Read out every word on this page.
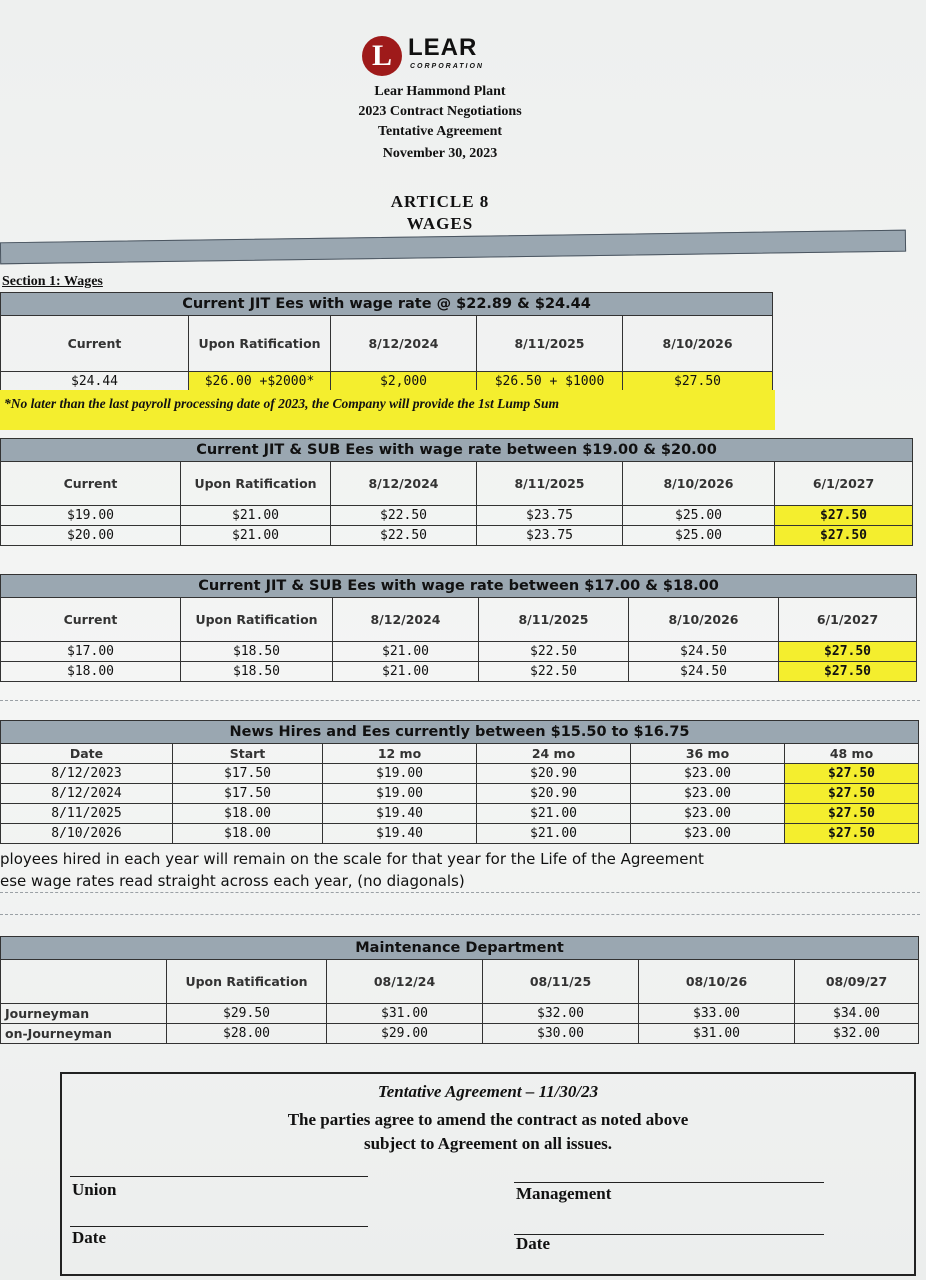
L LEAR
CORPORATION
Lear Hammond Plant
2023 Contract Negotiations
Tentative Agreement
November 30, 2023
ARTICLE 8
WAGES
Section 1: Wages
Current JIT Ees with wage rate @ $22.89 & $24.44				
Current	Upon Ratification	8/12/2024	8/11/2025	8/10/2026
$24.44	$26.00 +$2000*	$2,000	$26.50 + $1000	$27.50
*No later than the last payroll processing date of 2023, the Company will provide the 1st Lump Sum
Current JIT & SUB Ees with wage rate between $19.00 & $20.00					
Current	Upon Ratification	8/12/2024	8/11/2025	8/10/2026	6/1/2027
$19.00	$21.00	$22.50	$23.75	$25.00	$27.50
$20.00	$21.00	$22.50	$23.75	$25.00	$27.50
Current JIT & SUB Ees with wage rate between $17.00 & $18.00					
Current	Upon Ratification	8/12/2024	8/11/2025	8/10/2026	6/1/2027
$17.00	$18.50	$21.00	$22.50	$24.50	$27.50
$18.00	$18.50	$21.00	$22.50	$24.50	$27.50
News Hires and Ees currently between $15.50 to $16.75					
Date	Start	12 mo	24 mo	36 mo	48 mo
8/12/2023	$17.50	$19.00	$20.90	$23.00	$27.50
8/12/2024	$17.50	$19.00	$20.90	$23.00	$27.50
8/11/2025	$18.00	$19.40	$21.00	$23.00	$27.50
8/10/2026	$18.00	$19.40	$21.00	$23.00	$27.50
ployees hired in each year will remain on the scale for that year for the Life of the Agreement
ese wage rates read straight across each year, (no diagonals)
Maintenance Department					
	Upon Ratification	08/12/24	08/11/25	08/10/26	08/09/27
Journeyman	$29.50	$31.00	$32.00	$33.00	$34.00
on-Journeyman	$28.00	$29.00	$30.00	$31.00	$32.00
Tentative Agreement – 11/30/23
The parties agree to amend the contract as noted above
subject to Agreement on all issues.
Union	Management
Date	Date
